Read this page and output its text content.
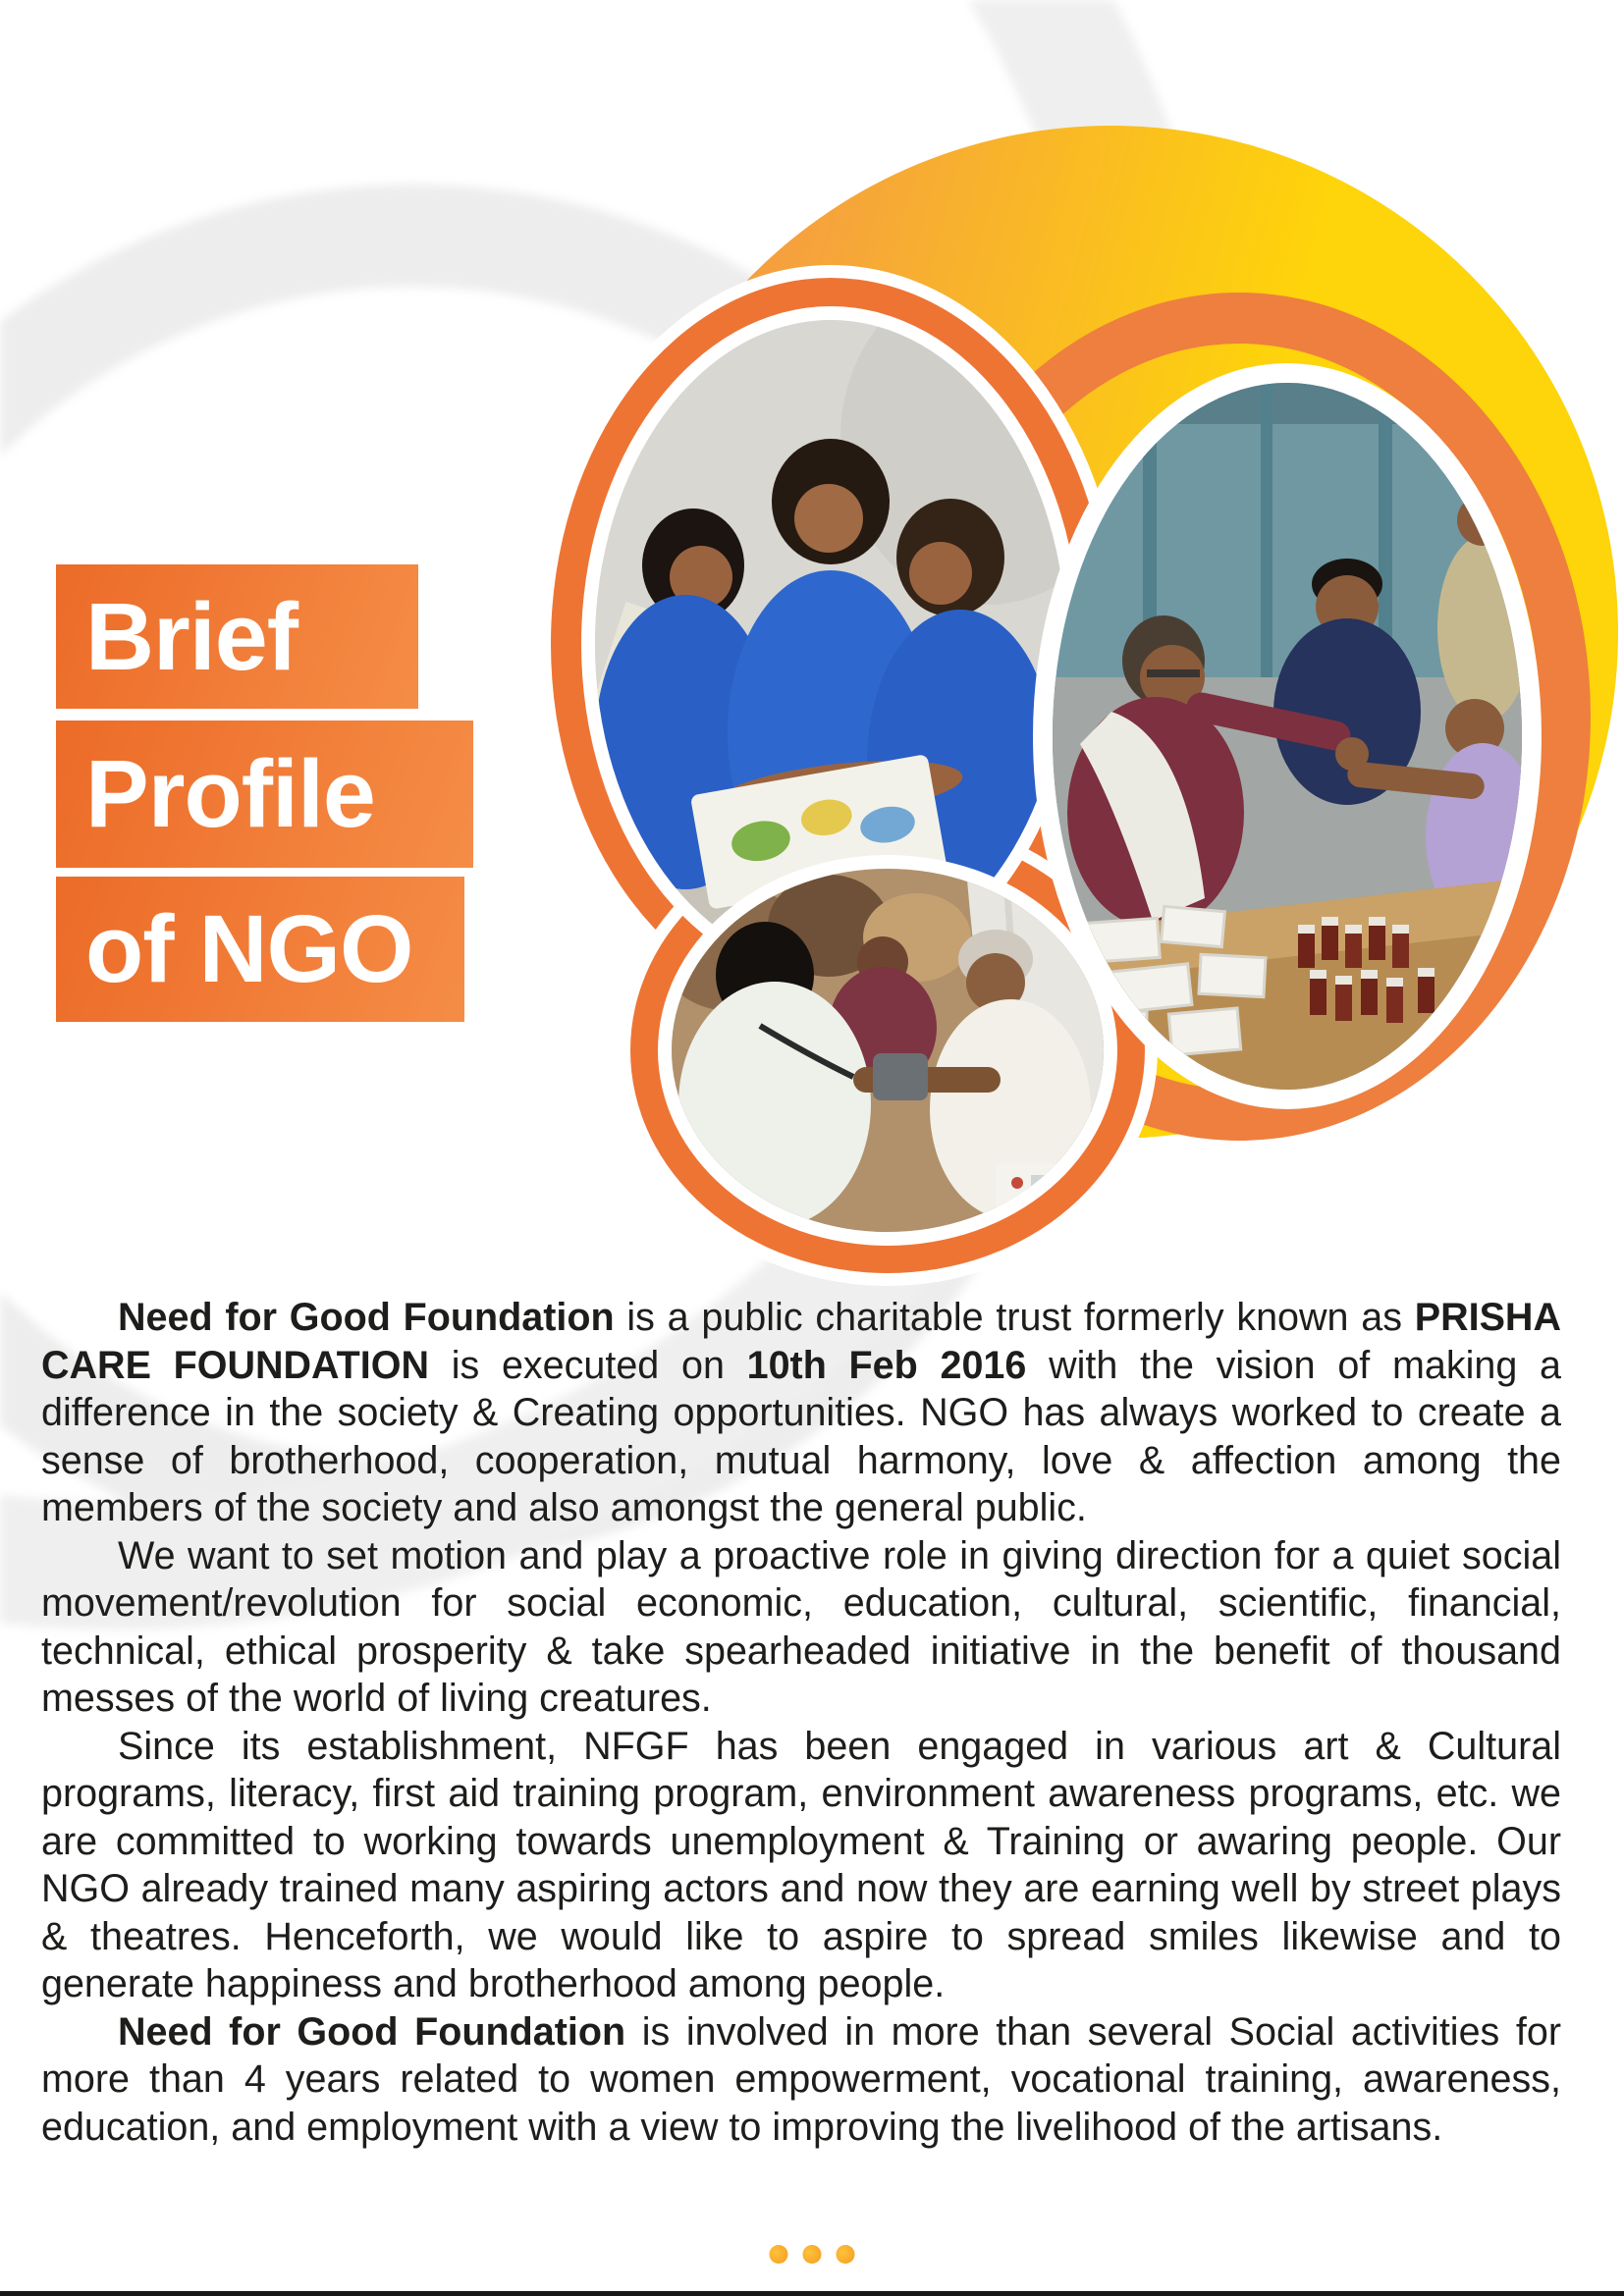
Brief
Profile
of NGO

Need for Good Foundation is a public charitable trust formerly known as PRISHA CARE FOUNDATION is executed on 10th Feb 2016 with the vision of making a difference in the society & Creating opportunities. NGO has always worked to create a sense of brotherhood, cooperation, mutual harmony, love & affection among the members of the society and also amongst the general public.

We want to set motion and play a proactive role in giving direction for a quiet social movement/revolution for social economic, education, cultural, scientific, financial, technical, ethical prosperity & take spearheaded initiative in the benefit of thousand messes of the world of living creatures.

Since its establishment, NFGF has been engaged in various art & Cultural programs, literacy, first aid training program, environment awareness programs, etc. we are committed to working towards unemployment & Training or awaring people. Our NGO already trained many aspiring actors and now they are earning well by street plays & theatres. Henceforth, we would like to aspire to spread smiles likewise and to generate happiness and brotherhood among people.

Need for Good Foundation is involved in more than several Social activities for more than 4 years related to women empowerment, vocational training, awareness, education, and employment with a view to improving the livelihood of the artisans.
